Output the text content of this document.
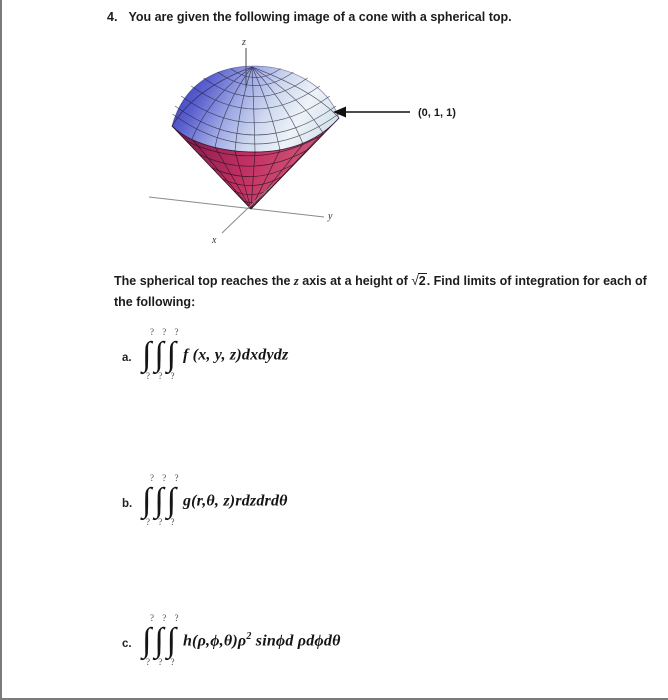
4. You are given the following image of a cone with a spherical top.
z
y
x
(0, 1, 1)
The spherical top reaches the z axis at a height of √2. Find limits of integration for each of
the following:
a.
? ? ?
∫∫∫ f (x, y, z)dxdydz
? ? ?
b.
? ? ?
∫∫∫ g(r,θ, z)rdzdrdθ
? ? ?
c.
? ? ?
∫∫∫ $h(\rho,\phi,\theta)\rho^2$ sinϕd ρdϕdθ
? ? ?
